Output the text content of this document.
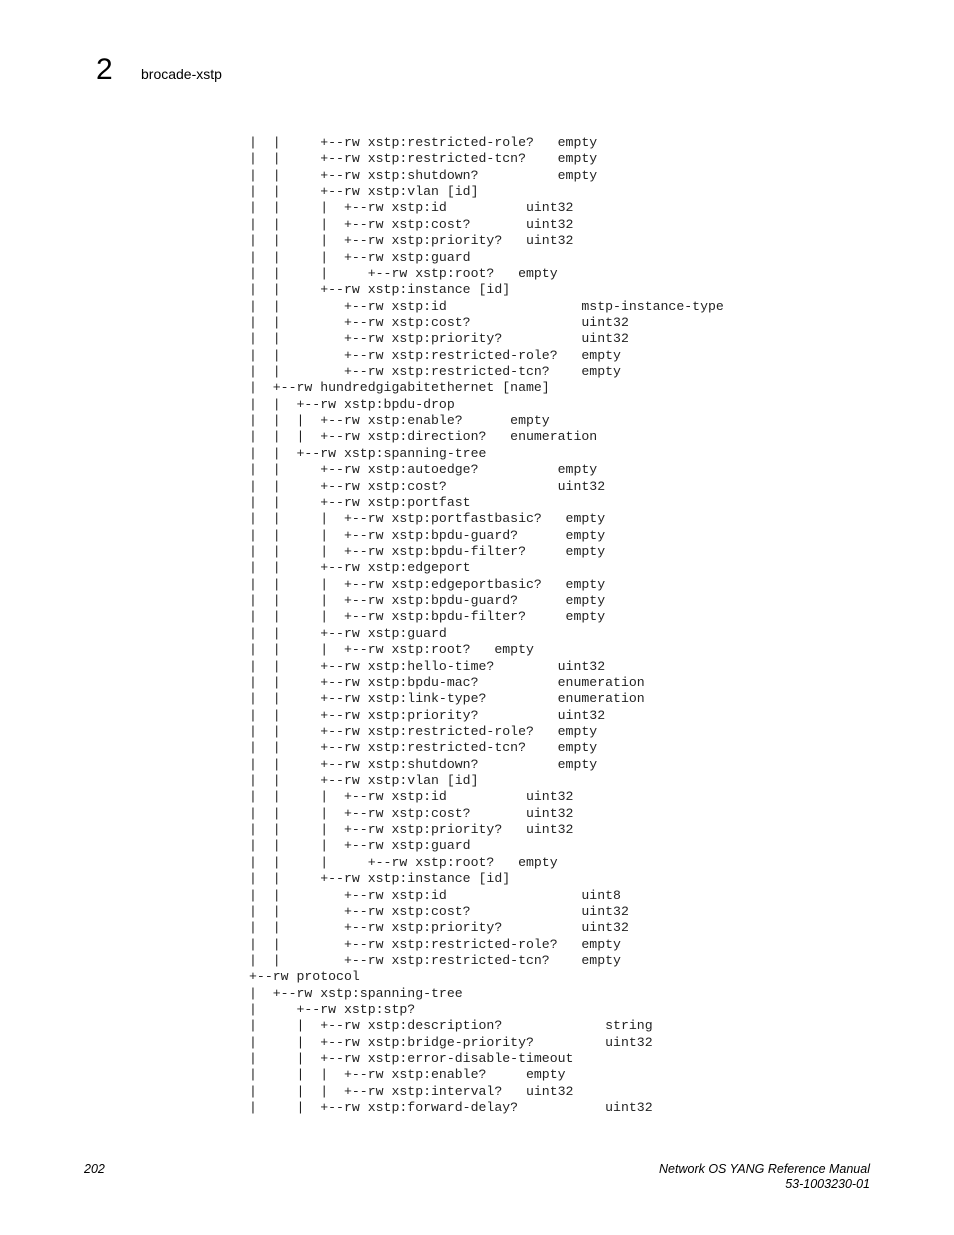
2 brocade-xstp
|  |     +--rw xstp:restricted-role?   empty
|  |     +--rw xstp:restricted-tcn?    empty
|  |     +--rw xstp:shutdown?          empty
|  |     +--rw xstp:vlan [id]
|  |     |  +--rw xstp:id          uint32
|  |     |  +--rw xstp:cost?       uint32
|  |     |  +--rw xstp:priority?   uint32
|  |     |  +--rw xstp:guard
|  |     |     +--rw xstp:root?   empty
|  |     +--rw xstp:instance [id]
|  |        +--rw xstp:id                 mstp-instance-type
|  |        +--rw xstp:cost?              uint32
|  |        +--rw xstp:priority?          uint32
|  |        +--rw xstp:restricted-role?   empty
|  |        +--rw xstp:restricted-tcn?    empty
|  +--rw hundredgigabitethernet [name]
|  |  +--rw xstp:bpdu-drop
|  |  |  +--rw xstp:enable?      empty
|  |  |  +--rw xstp:direction?   enumeration
|  |  +--rw xstp:spanning-tree
|  |     +--rw xstp:autoedge?          empty
|  |     +--rw xstp:cost?              uint32
|  |     +--rw xstp:portfast
|  |     |  +--rw xstp:portfastbasic?   empty
|  |     |  +--rw xstp:bpdu-guard?      empty
|  |     |  +--rw xstp:bpdu-filter?     empty
|  |     +--rw xstp:edgeport
|  |     |  +--rw xstp:edgeportbasic?   empty
|  |     |  +--rw xstp:bpdu-guard?      empty
|  |     |  +--rw xstp:bpdu-filter?     empty
|  |     +--rw xstp:guard
|  |     |  +--rw xstp:root?   empty
|  |     +--rw xstp:hello-time?        uint32
|  |     +--rw xstp:bpdu-mac?          enumeration
|  |     +--rw xstp:link-type?         enumeration
|  |     +--rw xstp:priority?          uint32
|  |     +--rw xstp:restricted-role?   empty
|  |     +--rw xstp:restricted-tcn?    empty
|  |     +--rw xstp:shutdown?          empty
|  |     +--rw xstp:vlan [id]
|  |     |  +--rw xstp:id          uint32
|  |     |  +--rw xstp:cost?       uint32
|  |     |  +--rw xstp:priority?   uint32
|  |     |  +--rw xstp:guard
|  |     |     +--rw xstp:root?   empty
|  |     +--rw xstp:instance [id]
|  |        +--rw xstp:id                 uint8
|  |        +--rw xstp:cost?              uint32
|  |        +--rw xstp:priority?          uint32
|  |        +--rw xstp:restricted-role?   empty
|  |        +--rw xstp:restricted-tcn?    empty
+--rw protocol
|  +--rw xstp:spanning-tree
|     +--rw xstp:stp?
|     |  +--rw xstp:description?             string
|     |  +--rw xstp:bridge-priority?         uint32
|     |  +--rw xstp:error-disable-timeout
|     |  |  +--rw xstp:enable?     empty
|     |  |  +--rw xstp:interval?   uint32
|     |  +--rw xstp:forward-delay?           uint32
202	Network OS YANG Reference Manual
53-1003230-01
